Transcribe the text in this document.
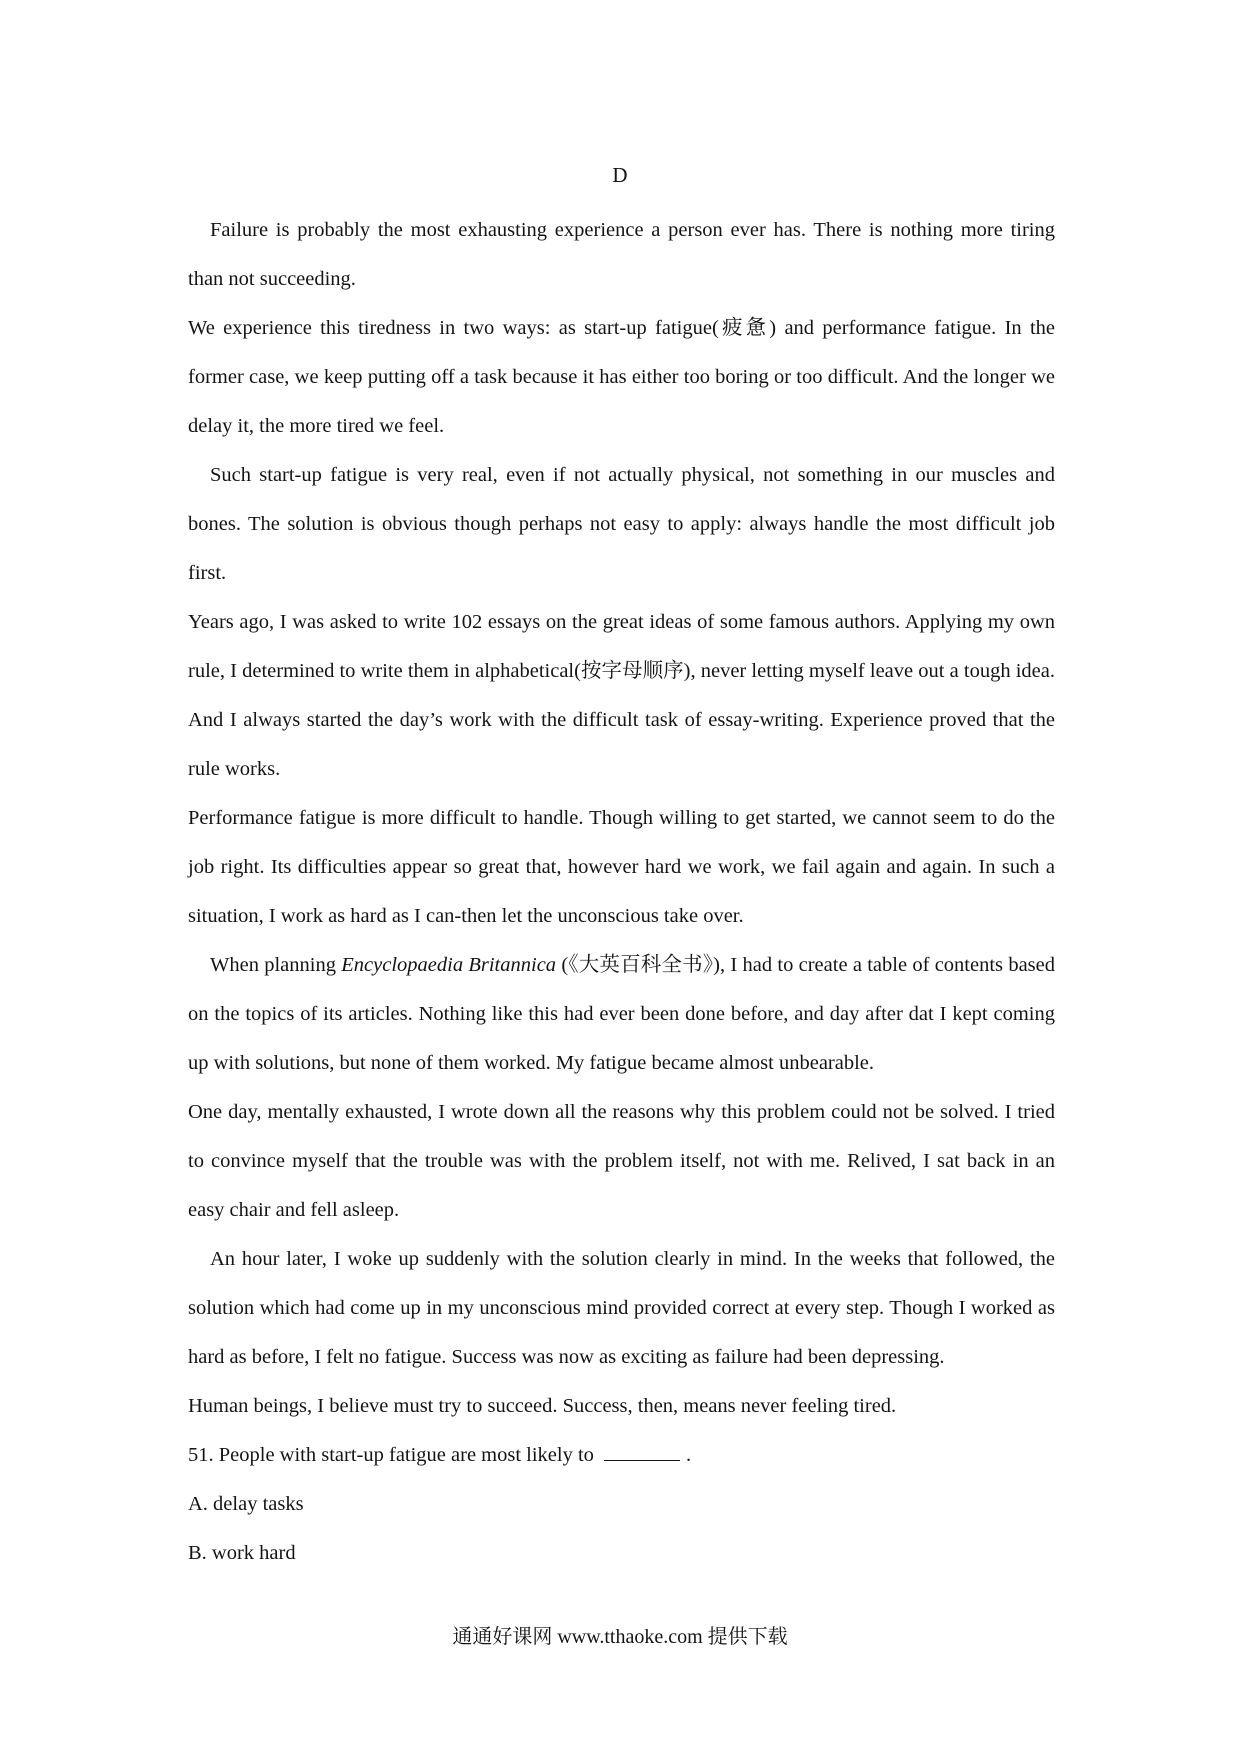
D

Failure is probably the most exhausting experience a person ever has. There is nothing more tiring than not succeeding.

We experience this tiredness in two ways: as start-up fatigue(疲惫) and performance fatigue. In the former case, we keep putting off a task because it has either too boring or too difficult. And the longer we delay it, the more tired we feel.

Such start-up fatigue is very real, even if not actually physical, not something in our muscles and bones. The solution is obvious though perhaps not easy to apply: always handle the most difficult job first.

Years ago, I was asked to write 102 essays on the great ideas of some famous authors. Applying my own rule, I determined to write them in alphabetical(按字母顺序), never letting myself leave out a tough idea. And I always started the day’s work with the difficult task of essay-writing. Experience proved that the rule works.

Performance fatigue is more difficult to handle. Though willing to get started, we cannot seem to do the job right. Its difficulties appear so great that, however hard we work, we fail again and again. In such a situation, I work as hard as I can-then let the unconscious take over.

When planning Encyclopaedia Britannica (《大英百科全书》), I had to create a table of contents based on the topics of its articles. Nothing like this had ever been done before, and day after dat I kept coming up with solutions, but none of them worked. My fatigue became almost unbearable.

One day, mentally exhausted, I wrote down all the reasons why this problem could not be solved. I tried to convince myself that the trouble was with the problem itself, not with me. Relived, I sat back in an easy chair and fell asleep.

An hour later, I woke up suddenly with the solution clearly in mind. In the weeks that followed, the solution which had come up in my unconscious mind provided correct at every step. Though I worked as hard as before, I felt no fatigue. Success was now as exciting as failure had been depressing.

Human beings, I believe must try to succeed. Success, then, means never feeling tired.

51. People with start-up fatigue are most likely to	.

A. delay tasks

B. work hard

通通好课网 www.tthaoke.com 提供下载
